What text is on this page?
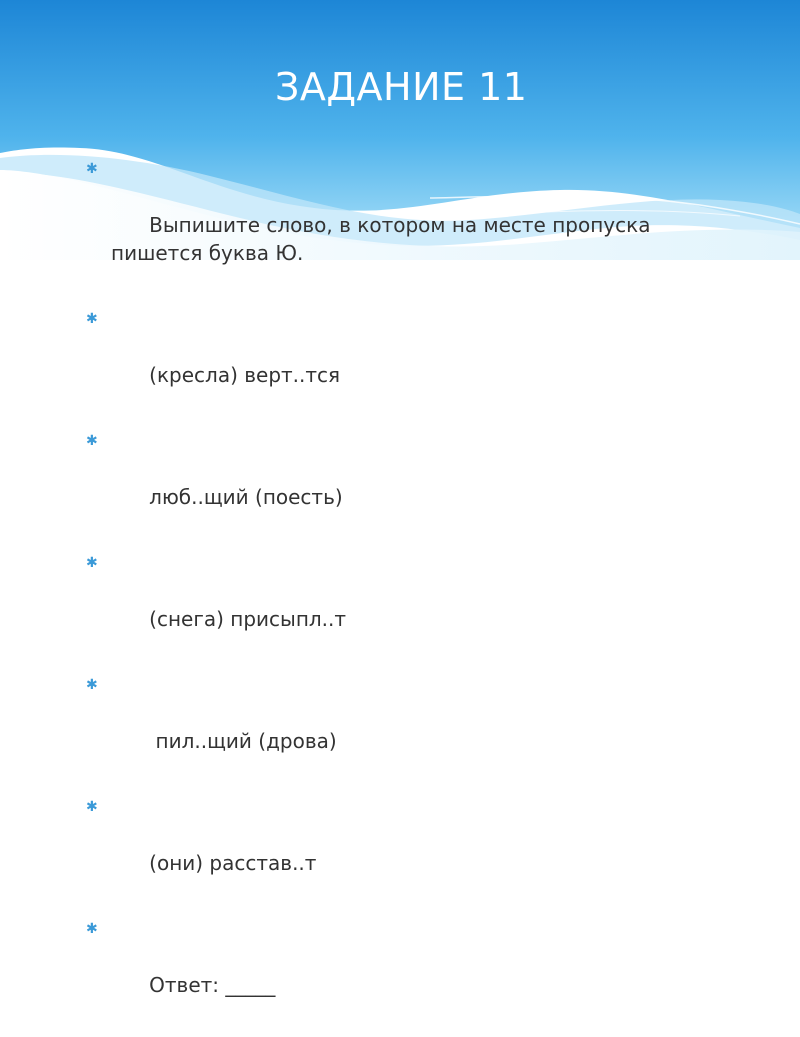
ЗАДАНИЕ 11

✱

Выпишите слово, в котором на месте пропуска пишется буква Ю.

✱

(кресла) верт..тся

✱

люб..щий (поесть)

✱

(снега) присыпл..т

✱

пил..щий (дрова)

✱

(они) расстав..т

✱

Ответ: _____
